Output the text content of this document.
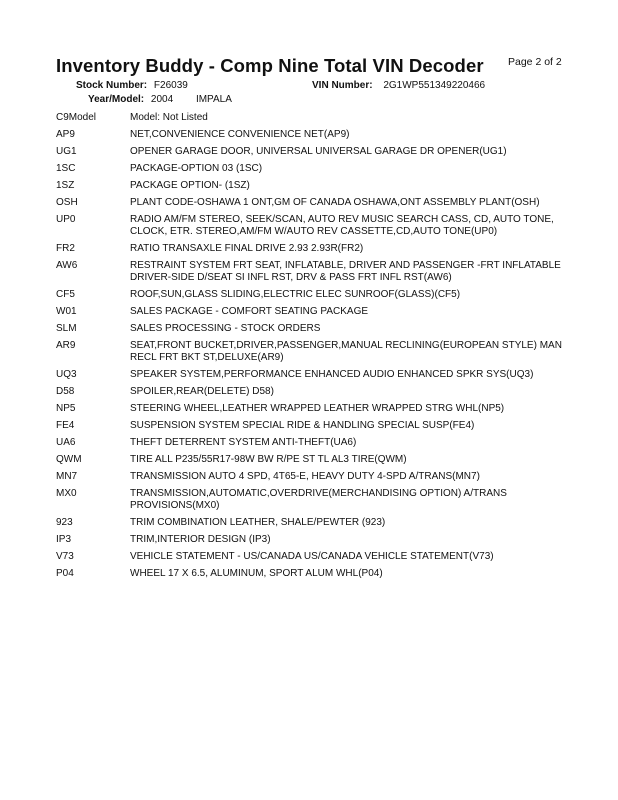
Inventory Buddy - Comp Nine Total VIN Decoder Page 2 of 2
Stock Number: F26039	VIN Number: 2G1WP551349220466
Year/Model: 2004 IMPALA
C9Model	Model: Not Listed
AP9	NET,CONVENIENCE CONVENIENCE NET(AP9)
UG1	OPENER GARAGE DOOR, UNIVERSAL UNIVERSAL GARAGE DR OPENER(UG1)
1SC	PACKAGE-OPTION 03 (1SC)
1SZ	PACKAGE OPTION- (1SZ)
OSH	PLANT CODE-OSHAWA 1 ONT,GM OF CANADA OSHAWA,ONT ASSEMBLY PLANT(OSH)
UP0	RADIO AM/FM STEREO, SEEK/SCAN, AUTO REV MUSIC SEARCH CASS, CD, AUTO TONE, CLOCK, ETR. STEREO,AM/FM W/AUTO REV CASSETTE,CD,AUTO TONE(UP0)
FR2	RATIO TRANSAXLE FINAL DRIVE 2.93 2.93R(FR2)
AW6	RESTRAINT SYSTEM FRT SEAT, INFLATABLE, DRIVER AND PASSENGER -FRT INFLATABLE DRIVER-SIDE D/SEAT SI INFL RST, DRV & PASS FRT INFL RST(AW6)
CF5	ROOF,SUN,GLASS SLIDING,ELECTRIC ELEC SUNROOF(GLASS)(CF5)
W01	SALES PACKAGE - COMFORT SEATING PACKAGE
SLM	SALES PROCESSING - STOCK ORDERS
AR9	SEAT,FRONT BUCKET,DRIVER,PASSENGER,MANUAL RECLINING(EUROPEAN STYLE) MAN RECL FRT BKT ST,DELUXE(AR9)
UQ3	SPEAKER SYSTEM,PERFORMANCE ENHANCED AUDIO ENHANCED SPKR SYS(UQ3)
D58	SPOILER,REAR(DELETE) D58)
NP5	STEERING WHEEL,LEATHER WRAPPED LEATHER WRAPPED STRG WHL(NP5)
FE4	SUSPENSION SYSTEM SPECIAL RIDE & HANDLING SPECIAL SUSP(FE4)
UA6	THEFT DETERRENT SYSTEM ANTI-THEFT(UA6)
QWM	TIRE ALL P235/55R17-98W BW R/PE ST TL AL3 TIRE(QWM)
MN7	TRANSMISSION AUTO 4 SPD, 4T65-E, HEAVY DUTY 4-SPD A/TRANS(MN7)
MX0	TRANSMISSION,AUTOMATIC,OVERDRIVE(MERCHANDISING OPTION) A/TRANS PROVISIONS(MX0)
923	TRIM COMBINATION LEATHER, SHALE/PEWTER (923)
IP3	TRIM,INTERIOR DESIGN (IP3)
V73	VEHICLE STATEMENT - US/CANADA US/CANADA VEHICLE STATEMENT(V73)
P04	WHEEL 17 X 6.5, ALUMINUM, SPORT ALUM WHL(P04)
